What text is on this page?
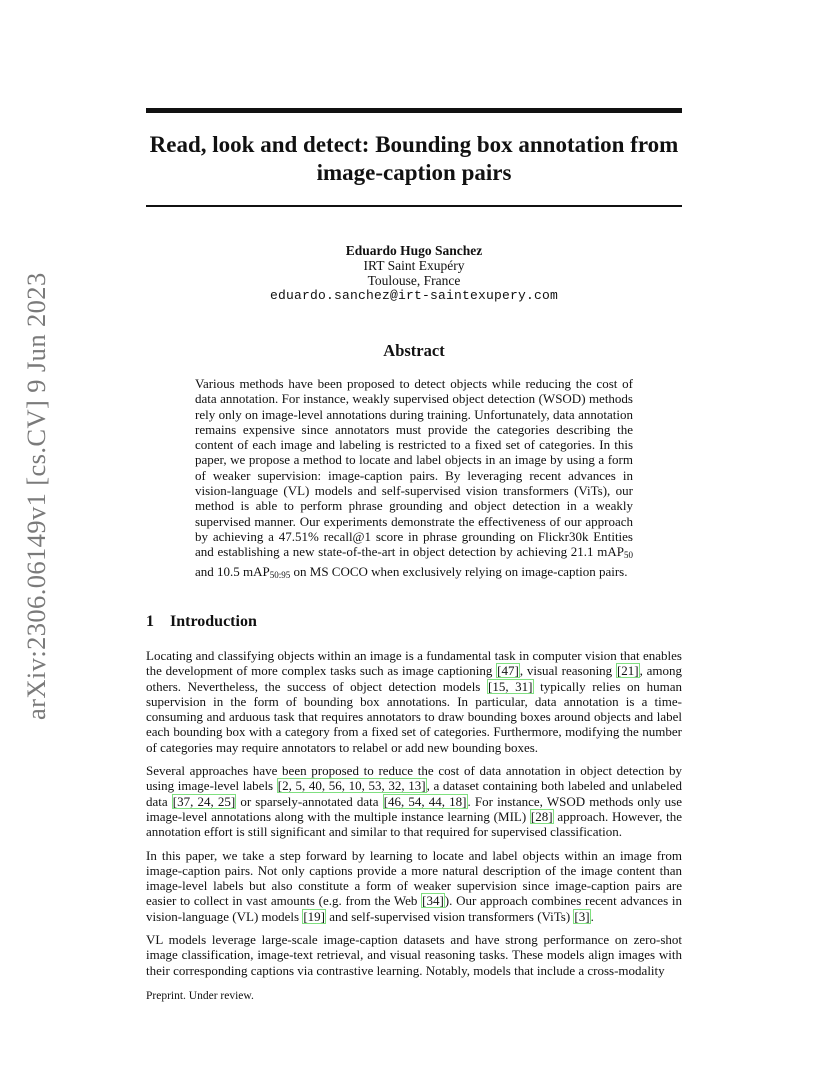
arXiv:2306.06149v1 [cs.CV] 9 Jun 2023
Read, look and detect: Bounding box annotation from image-caption pairs
Eduardo Hugo Sanchez
IRT Saint Exupéry
Toulouse, France
eduardo.sanchez@irt-saintexupery.com
Abstract
Various methods have been proposed to detect objects while reducing the cost of data annotation. For instance, weakly supervised object detection (WSOD) methods rely only on image-level annotations during training. Unfortunately, data annotation remains expensive since annotators must provide the categories describing the content of each image and labeling is restricted to a fixed set of categories. In this paper, we propose a method to locate and label objects in an image by using a form of weaker supervision: image-caption pairs. By leveraging recent advances in vision-language (VL) models and self-supervised vision transformers (ViTs), our method is able to perform phrase grounding and object detection in a weakly supervised manner. Our experiments demonstrate the effectiveness of our approach by achieving a 47.51% recall@1 score in phrase grounding on Flickr30k Entities and establishing a new state-of-the-art in object detection by achieving 21.1 mAP$_{50}$ and 10.5 mAP$_{50:95}$ on MS COCO when exclusively relying on image-caption pairs.
1 Introduction

Locating and classifying objects within an image is a fundamental task in computer vision that enables the development of more complex tasks such as image captioning [47], visual reasoning [21], among others. Nevertheless, the success of object detection models [15, 31] typically relies on human supervision in the form of bounding box annotations. In particular, data annotation is a time-consuming and arduous task that requires annotators to draw bounding boxes around objects and label each bounding box with a category from a fixed set of categories. Furthermore, modifying the number of categories may require annotators to relabel or add new bounding boxes.

Several approaches have been proposed to reduce the cost of data annotation in object detection by using image-level labels [2, 5, 40, 56, 10, 53, 32, 13], a dataset containing both labeled and unlabeled data [37, 24, 25] or sparsely-annotated data [46, 54, 44, 18]. For instance, WSOD methods only use image-level annotations along with the multiple instance learning (MIL) [28] approach. However, the annotation effort is still significant and similar to that required for supervised classification.

In this paper, we take a step forward by learning to locate and label objects within an image from image-caption pairs. Not only captions provide a more natural description of the image content than image-level labels but also constitute a form of weaker supervision since image-caption pairs are easier to collect in vast amounts (e.g. from the Web [34]). Our approach combines recent advances in vision-language (VL) models [19] and self-supervised vision transformers (ViTs) [3].

VL models leverage large-scale image-caption datasets and have strong performance on zero-shot image classification, image-text retrieval, and visual reasoning tasks. These models align images with their corresponding captions via contrastive learning. Notably, models that include a cross-modality

Preprint. Under review.
